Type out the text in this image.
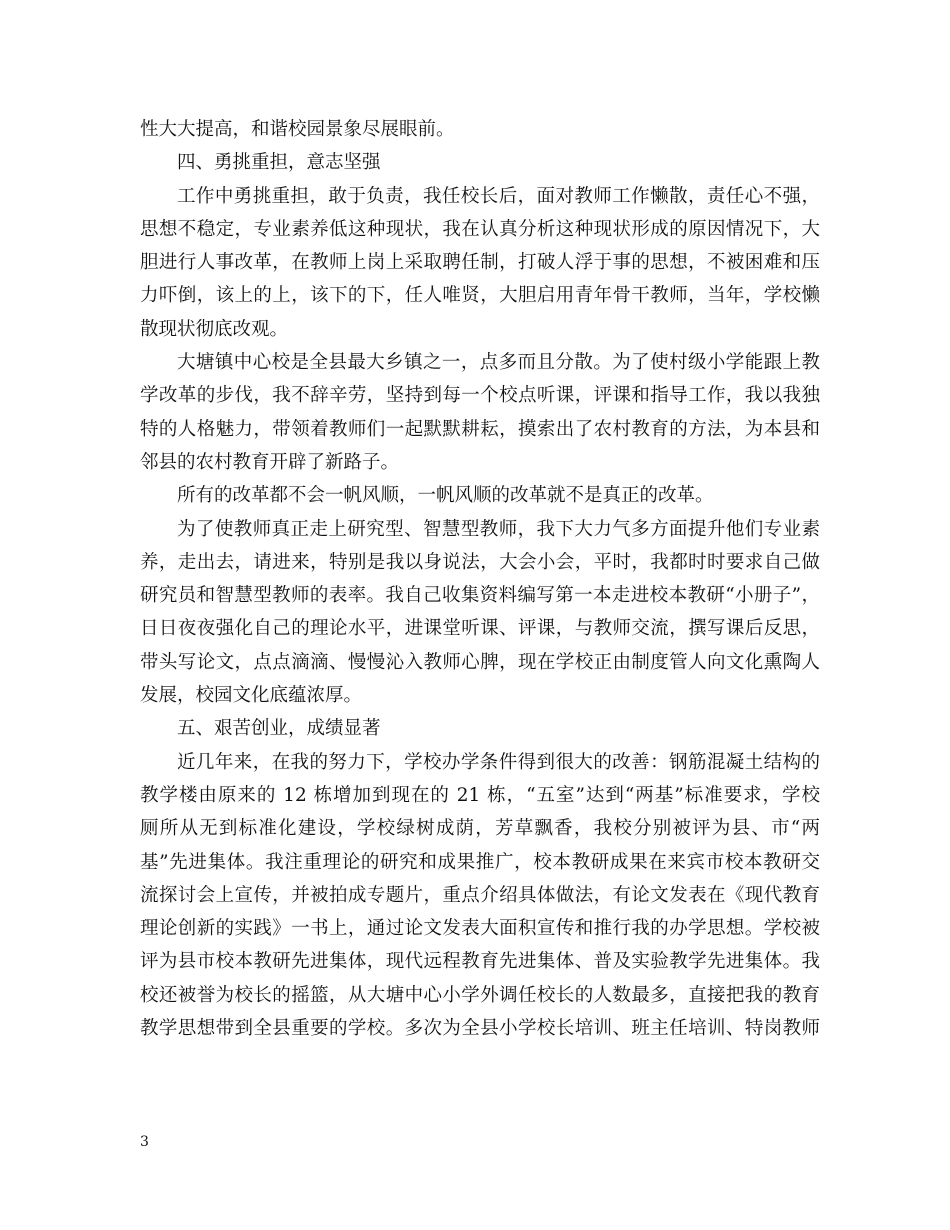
性大大提高，和谐校园景象尽展眼前。
四、勇挑重担，意志坚强
工作中勇挑重担，敢于负责，我任校长后，面对教师工作懒散，责任心不强，
思想不稳定，专业素养低这种现状，我在认真分析这种现状形成的原因情况下，大
胆进行人事改革，在教师上岗上采取聘任制，打破人浮于事的思想，不被困难和压
力吓倒，该上的上，该下的下，任人唯贤，大胆启用青年骨干教师，当年，学校懒
散现状彻底改观。
大塘镇中心校是全县最大乡镇之一，点多而且分散。为了使村级小学能跟上教
学改革的步伐，我不辞辛劳，坚持到每一个校点听课，评课和指导工作，我以我独
特的人格魅力，带领着教师们一起默默耕耘，摸索出了农村教育的方法，为本县和
邻县的农村教育开辟了新路子。
所有的改革都不会一帆风顺，一帆风顺的改革就不是真正的改革。
为了使教师真正走上研究型、智慧型教师，我下大力气多方面提升他们专业素
养，走出去，请进来，特别是我以身说法，大会小会，平时，我都时时要求自己做
研究员和智慧型教师的表率。我自己收集资料编写第一本走进校本教研“小册子”，
日日夜夜强化自己的理论水平，进课堂听课、评课，与教师交流，撰写课后反思，
带头写论文，点点滴滴、慢慢沁入教师心脾，现在学校正由制度管人向文化熏陶人
发展，校园文化底蕴浓厚。
五、艰苦创业，成绩显著
近几年来，在我的努力下，学校办学条件得到很大的改善：钢筋混凝土结构的
教学楼由原来的 12 栋增加到现在的 21 栋，“五室”达到“两基”标准要求，学校
厕所从无到标准化建设，学校绿树成荫，芳草飘香，我校分别被评为县、市“两
基”先进集体。我注重理论的研究和成果推广，校本教研成果在来宾市校本教研交
流探讨会上宣传，并被拍成专题片，重点介绍具体做法，有论文发表在《现代教育
理论创新的实践》一书上，通过论文发表大面积宣传和推行我的办学思想。学校被
评为县市校本教研先进集体，现代远程教育先进集体、普及实验教学先进集体。我
校还被誉为校长的摇篮，从大塘中心小学外调任校长的人数最多，直接把我的教育
教学思想带到全县重要的学校。多次为全县小学校长培训、班主任培训、特岗教师
3
